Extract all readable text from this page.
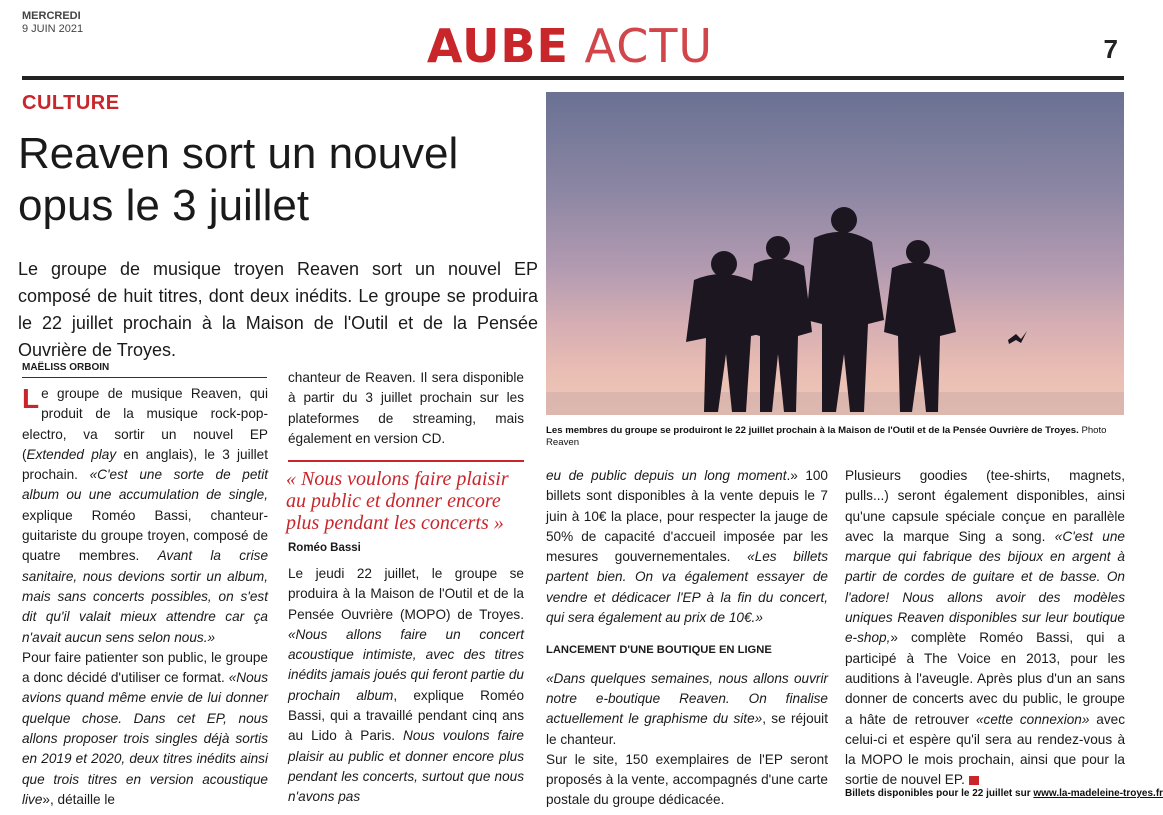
MERCREDI
9 JUIN 2021	AUBE ACTU	7
CULTURE
Reaven sort un nouvel opus le 3 juillet

Le groupe de musique troyen Reaven sort un nouvel EP composé de huit titres, dont deux inédits. Le groupe se produira le 22 juillet prochain à la Maison de l'Outil et de la Pensée Ouvrière de Troyes.

MAËLISS ORBOIN
Les membres du groupe se produiront le 22 juillet prochain à la Maison de l'Outil et de la Pensée Ouvrière de Troyes. Photo Reaven

Le groupe de musique Reaven, qui produit de la musique rock-pop-electro, va sortir un nouvel EP (Extended play en anglais), le 3 juillet prochain. «C'est une sorte de petit album ou une accumulation de single, explique Roméo Bassi, chanteur-guitariste du groupe troyen, composé de quatre membres. Avant la crise sanitaire, nous devions sortir un album, mais sans concerts possibles, on s'est dit qu'il valait mieux attendre car ça n'avait aucun sens selon nous.»

Pour faire patienter son public, le groupe a donc décidé d'utiliser ce format. «Nous avions quand même envie de lui donner quelque chose. Dans cet EP, nous allons proposer trois singles déjà sortis en 2019 et 2020, deux titres inédits ainsi que trois titres en version acoustique live», détaille le

chanteur de Reaven. Il sera disponible à partir du 3 juillet prochain sur les plateformes de streaming, mais également en version CD.

« Nous voulons faire plaisir au public et donner encore plus pendant les concerts »
Roméo Bassi

Le jeudi 22 juillet, le groupe se produira à la Maison de l'Outil et de la Pensée Ouvrière (MOPO) de Troyes. «Nous allons faire un concert acoustique intimiste, avec des titres inédits jamais joués qui feront partie du prochain album, explique Roméo Bassi, qui a travaillé pendant cinq ans au Lido à Paris. Nous voulons faire plaisir au public et donner encore plus pendant les concerts, surtout que nous n'avons pas

eu de public depuis un long moment.» 100 billets sont disponibles à la vente depuis le 7 juin à 10€ la place, pour respecter la jauge de 50% de capacité d'accueil imposée par les mesures gouvernementales. «Les billets partent bien. On va également essayer de vendre et dédicacer l'EP à la fin du concert, qui sera également au prix de 10€.»

LANCEMENT D'UNE BOUTIQUE EN LIGNE

«Dans quelques semaines, nous allons ouvrir notre e-boutique Reaven. On finalise actuellement le graphisme du site», se réjouit le chanteur.

Sur le site, 150 exemplaires de l'EP seront proposés à la vente, accompagnés d'une carte postale du groupe dédicacée.

Plusieurs goodies (tee-shirts, magnets, pulls...) seront également disponibles, ainsi qu'une capsule spéciale conçue en parallèle avec la marque Sing a song. «C'est une marque qui fabrique des bijoux en argent à partir de cordes de guitare et de basse. On l'adore! Nous allons avoir des modèles uniques Reaven disponibles sur leur boutique e-shop,» complète Roméo Bassi, qui a participé à The Voice en 2013, pour les auditions à l'aveugle. Après plus d'un an sans donner de concerts avec du public, le groupe a hâte de retrouver «cette connexion» avec celui-ci et espère qu'il sera au rendez-vous à la MOPO le mois prochain, ainsi que pour la sortie de nouvel EP.

Billets disponibles pour le 22 juillet sur www.la-madeleine-troyes.fr
